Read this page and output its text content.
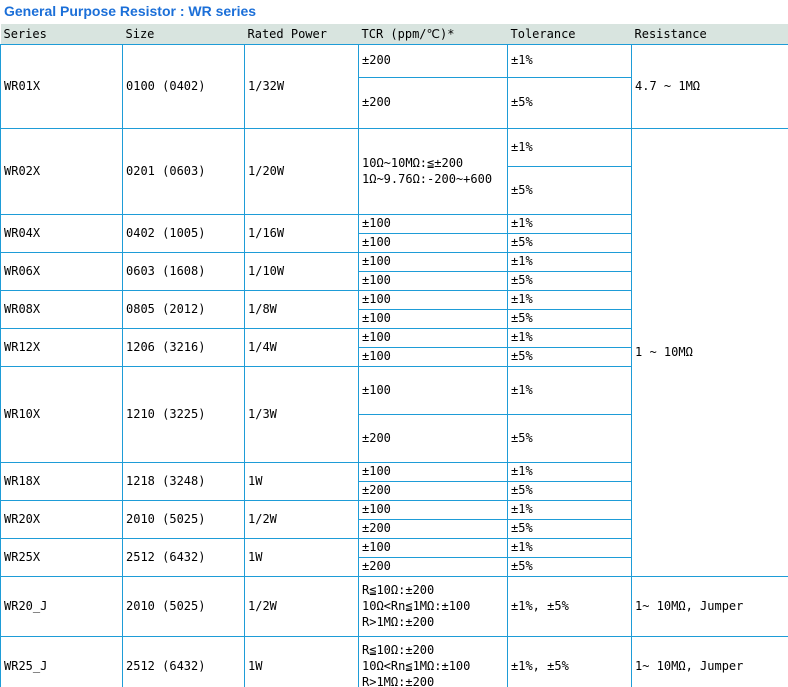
General Purpose Resistor : WR series
Series	Size	Rated Power	TCR (ppm/℃)*	Tolerance	Resistance
WR01X	0100 (0402)	1/32W	±200	±1%	4.7 ~ 1MΩ
			±200	±5%	
WR02X	0201 (0603)	1/20W	10Ω~10MΩ:≦±200
1Ω~9.76Ω:-200~+600	±1%	1 ~ 10MΩ
				±5%	
WR04X	0402 (1005)	1/16W	±100	±1%	
			±100	±5%	
WR06X	0603 (1608)	1/10W	±100	±1%	
			±100	±5%	
WR08X	0805 (2012)	1/8W	±100	±1%	
			±100	±5%	
WR12X	1206 (3216)	1/4W	±100	±1%	
			±100	±5%	
WR10X	1210 (3225)	1/3W	±100	±1%	
			±200	±5%	
WR18X	1218 (3248)	1W	±100	±1%	
			±200	±5%	
WR20X	2010 (5025)	1/2W	±100	±1%	
			±200	±5%	
WR25X	2512 (6432)	1W	±100	±1%	
			±200	±5%	
WR20_J	2010 (5025)	1/2W	R≦10Ω:±200
10Ω<Rn≦1MΩ:±100
R>1MΩ:±200	±1%, ±5%	1~ 10MΩ, Jumper
WR25_J	2512 (6432)	1W	R≦10Ω:±200
10Ω<Rn≦1MΩ:±100
R>1MΩ:±200	±1%, ±5%	1~ 10MΩ, Jumper
